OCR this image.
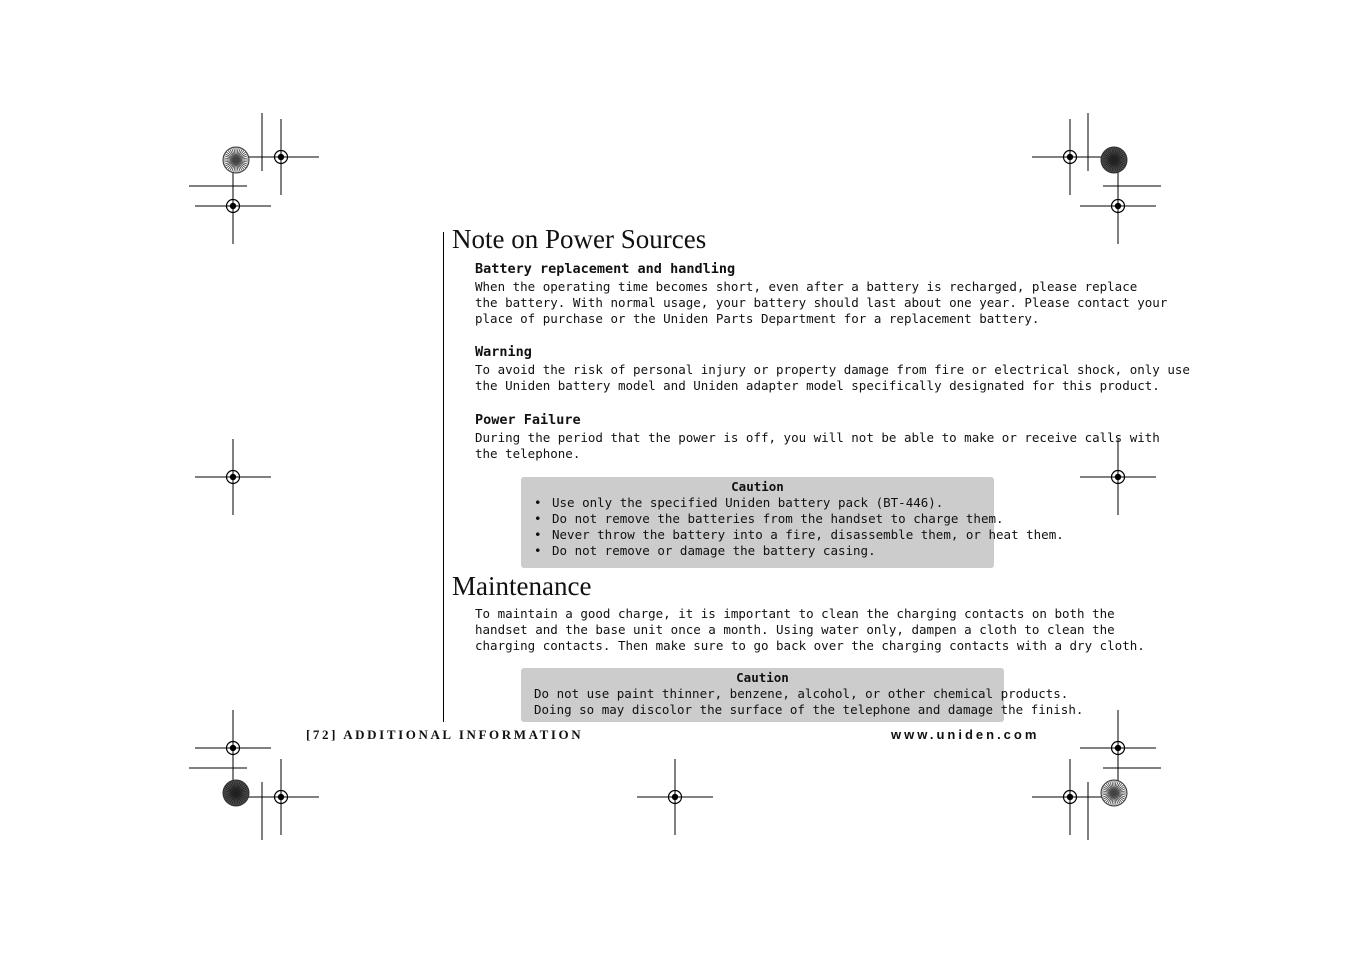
Note on Power Sources
Battery replacement and handling
When the operating time becomes short, even after a battery is recharged, please replace
the battery. With normal usage, your battery should last about one year. Please contact your
place of purchase or the Uniden Parts Department for a replacement battery.
Warning
To avoid the risk of personal injury or property damage from fire or electrical shock, only use
the Uniden battery model and Uniden adapter model specifically designated for this product.
Power Failure
During the period that the power is off, you will not be able to make or receive calls with
the telephone.
Caution
• Use only the specified Uniden battery pack (BT-446).
• Do not remove the batteries from the handset to charge them.
• Never throw the battery into a fire, disassemble them, or heat them.
• Do not remove or damage the battery casing.
Maintenance
To maintain a good charge, it is important to clean the charging contacts on both the
handset and the base unit once a month. Using water only, dampen a cloth to clean the
charging contacts. Then make sure to go back over the charging contacts with a dry cloth.
Caution
Do not use paint thinner, benzene, alcohol, or other chemical products.
Doing so may discolor the surface of the telephone and damage the finish.
[72] ADDITIONAL INFORMATION	www.uniden.com
